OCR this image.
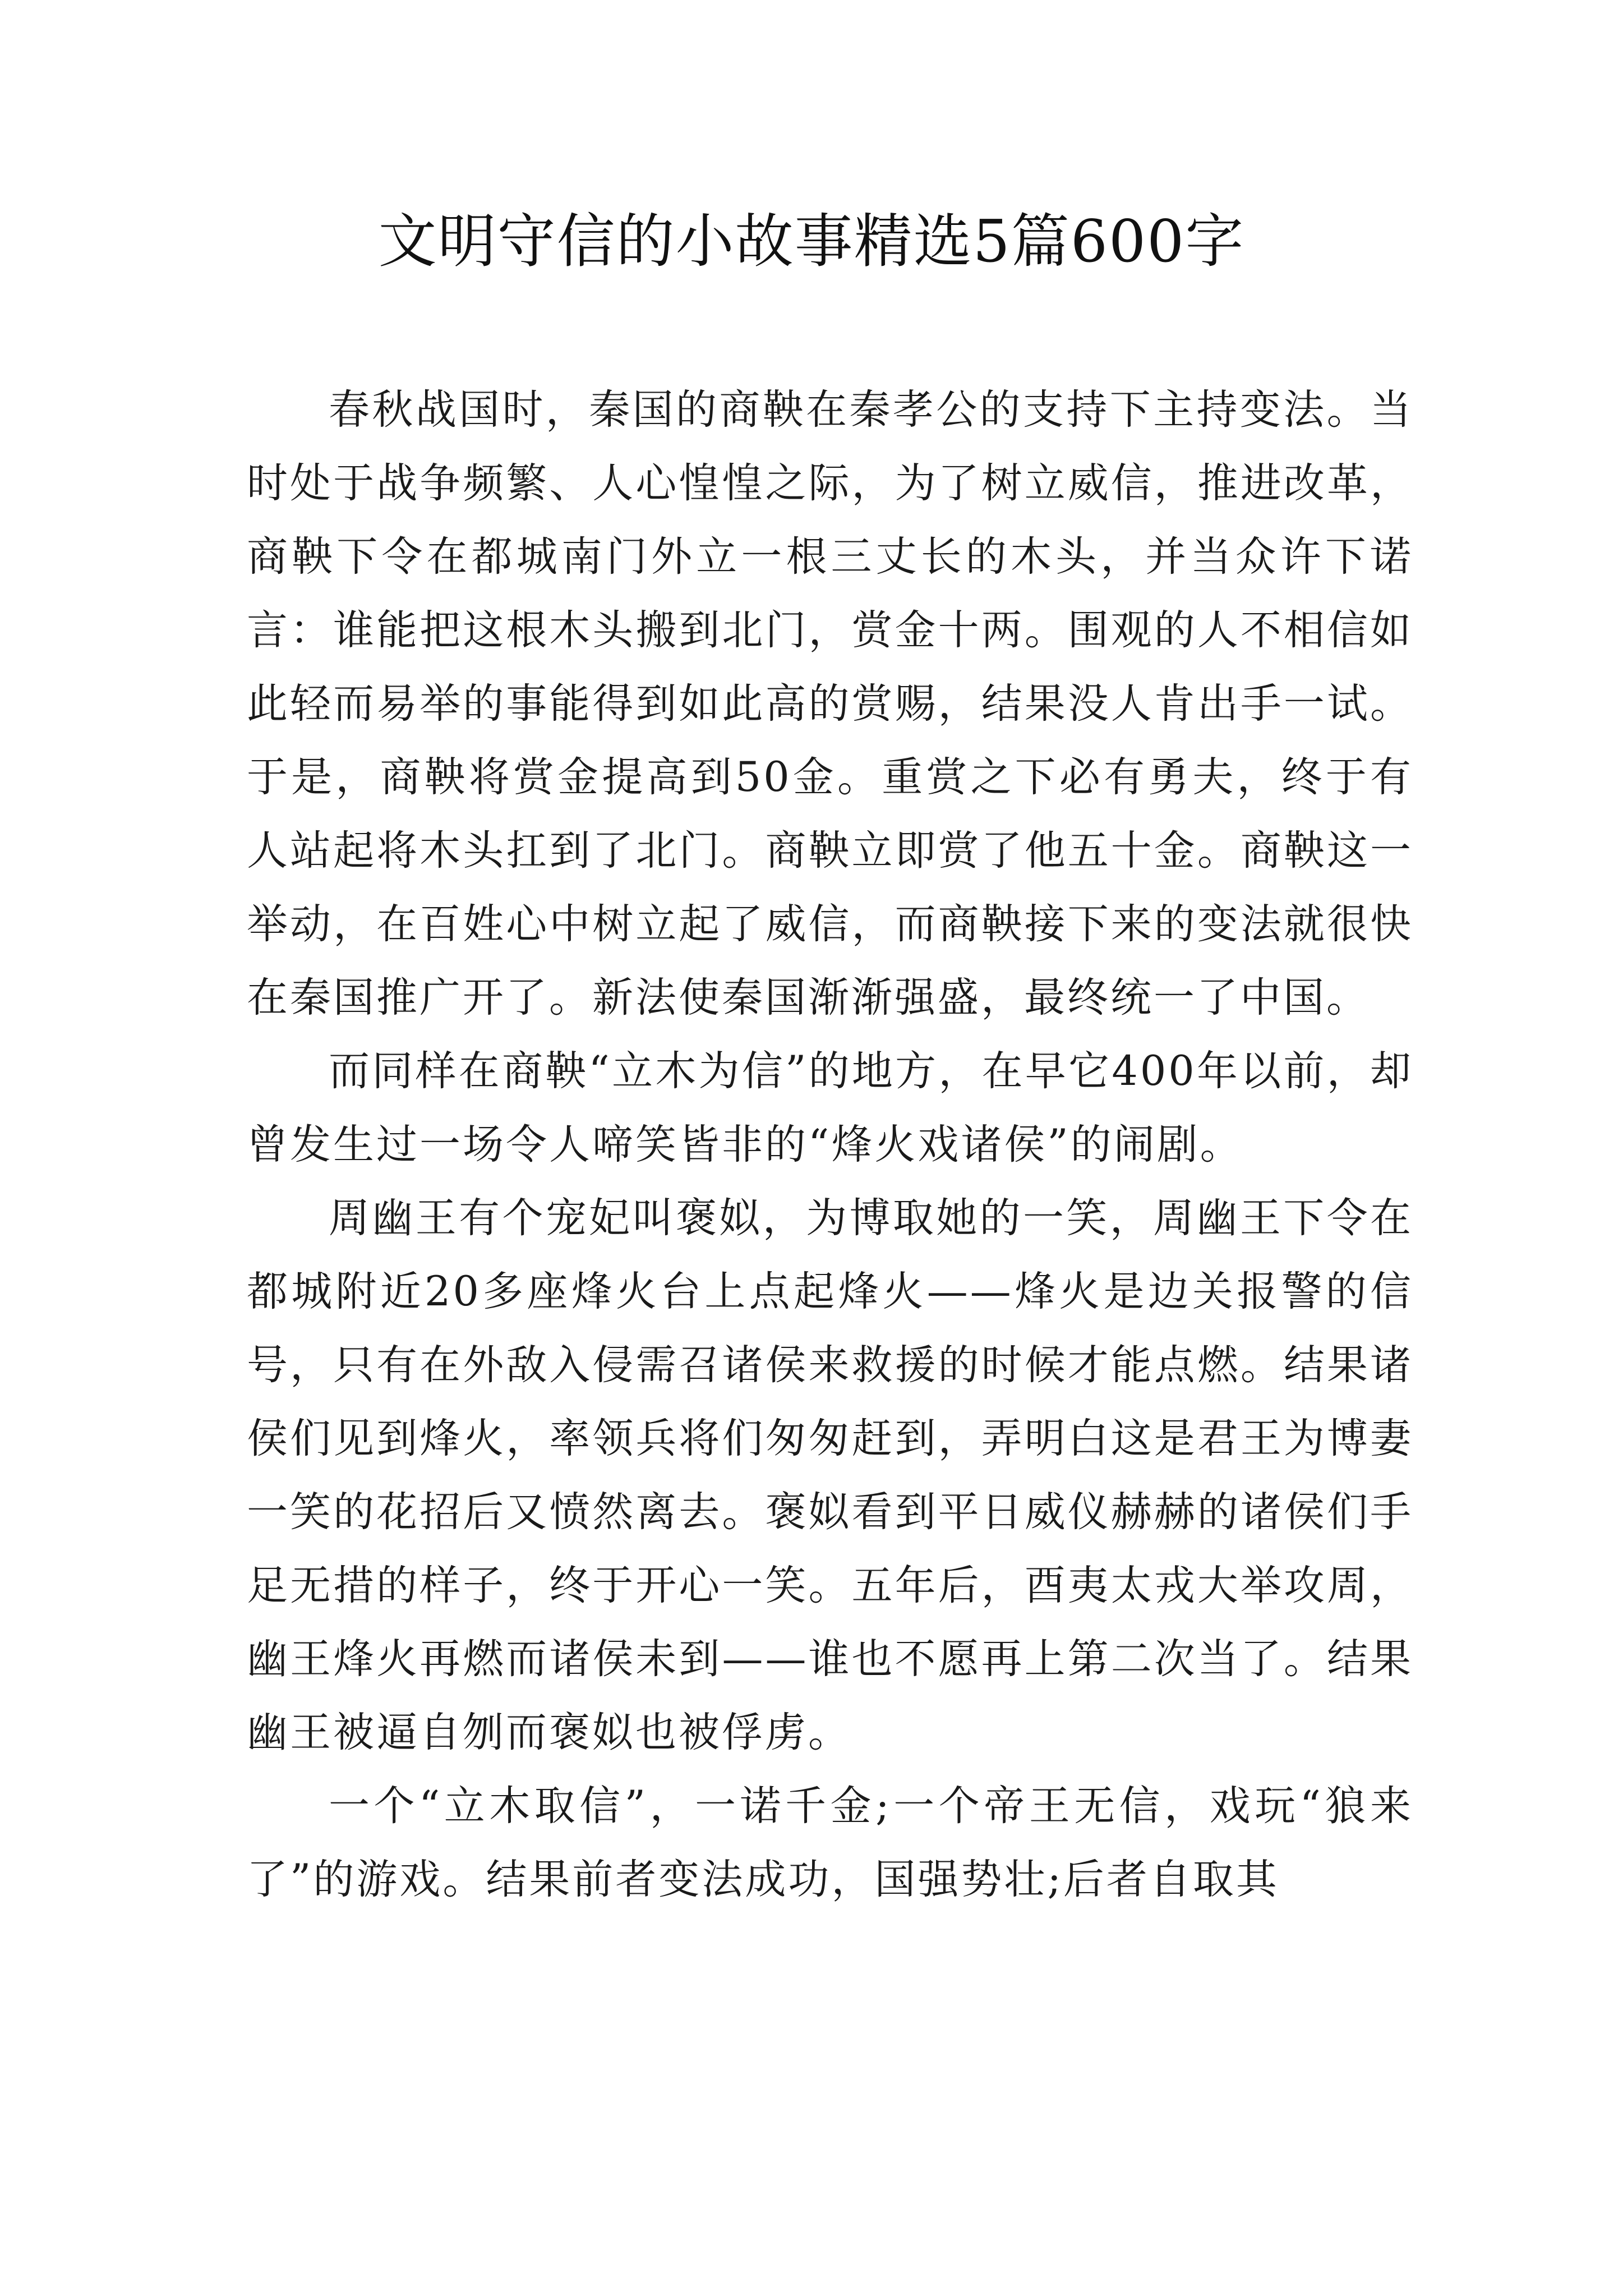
文明守信的小故事精选5篇600字

春秋战国时，秦国的商鞅在秦孝公的支持下主持变法。当时处于战争频繁、人心惶惶之际，为了树立威信，推进改革，商鞅下令在都城南门外立一根三丈长的木头，并当众许下诺言：谁能把这根木头搬到北门，赏金十两。围观的人不相信如此轻而易举的事能得到如此高的赏赐，结果没人肯出手一试。于是，商鞅将赏金提高到50金。重赏之下必有勇夫，终于有人站起将木头扛到了北门。商鞅立即赏了他五十金。商鞅这一举动，在百姓心中树立起了威信，而商鞅接下来的变法就很快在秦国推广开了。新法使秦国渐渐强盛，最终统一了中国。

而同样在商鞅“立木为信”的地方，在早它400年以前，却曾发生过一场令人啼笑皆非的“烽火戏诸侯”的闹剧。

周幽王有个宠妃叫褒姒，为博取她的一笑，周幽王下令在都城附近20多座烽火台上点起烽火——烽火是边关报警的信号，只有在外敌入侵需召诸侯来救援的时候才能点燃。结果诸侯们见到烽火，率领兵将们匆匆赶到，弄明白这是君王为博妻一笑的花招后又愤然离去。褒姒看到平日威仪赫赫的诸侯们手足无措的样子，终于开心一笑。五年后，酉夷太戎大举攻周，幽王烽火再燃而诸侯未到——谁也不愿再上第二次当了。结果幽王被逼自刎而褒姒也被俘虏。

一个“立木取信”，一诺千金;一个帝王无信，戏玩“狼来了”的游戏。结果前者变法成功，国强势壮;后者自取其
